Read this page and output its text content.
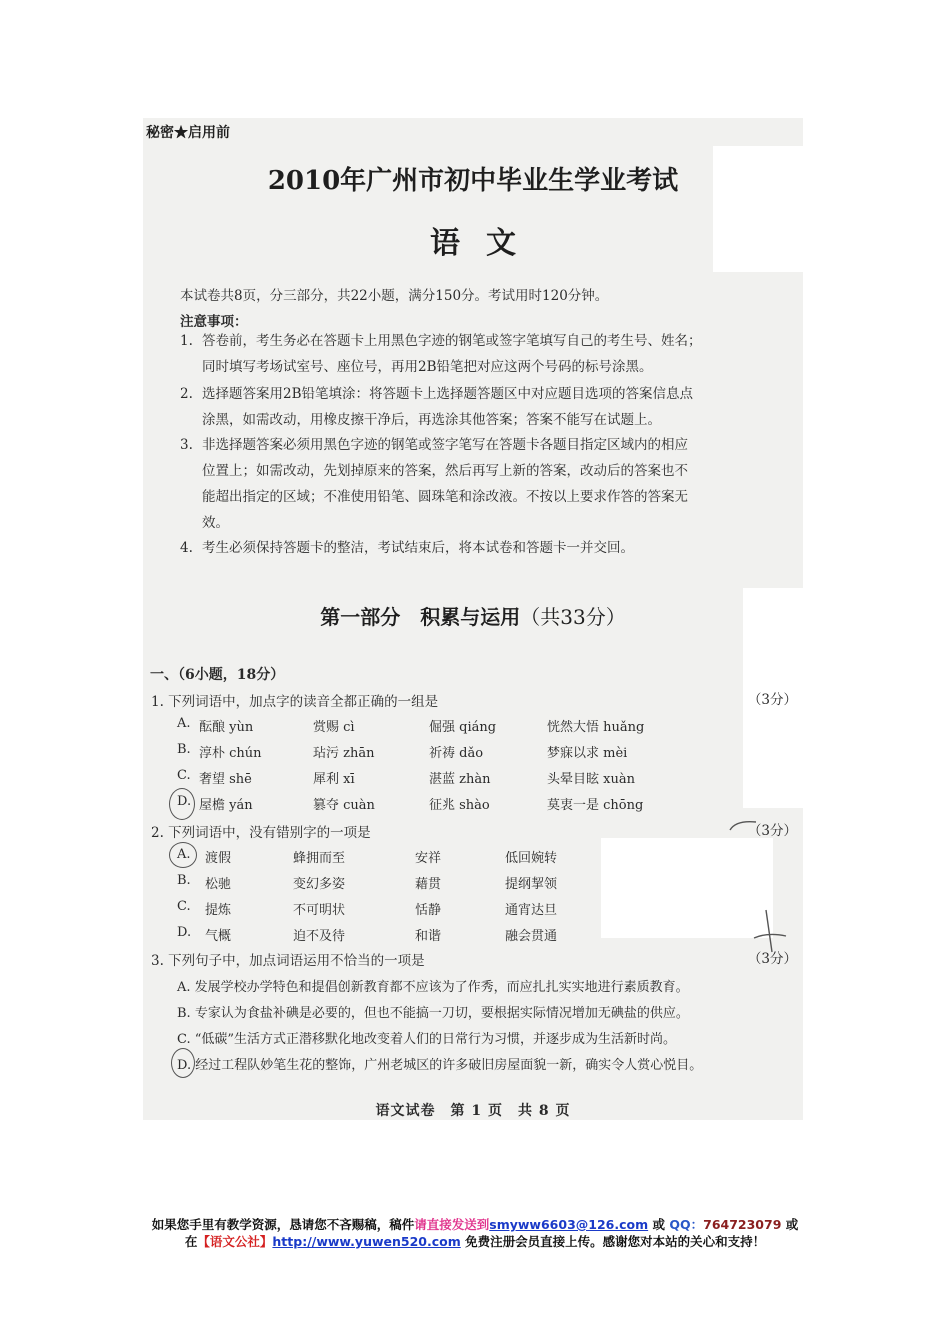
秘密★启用前
2010年广州市初中毕业生学业考试
语文
本试卷共8页，分三部分，共22小题，满分150分。考试用时120分钟。
注意事项：
1. 答卷前，考生务必在答题卡上用黑色字迹的钢笔或签字笔填写自己的考生号、姓名；
同时填写考场试室号、座位号，再用2B铅笔把对应这两个号码的标号涂黑。
2. 选择题答案用2B铅笔填涂：将答题卡上选择题答题区中对应题目选项的答案信息点
涂黑，如需改动，用橡皮擦干净后，再选涂其他答案；答案不能写在试题上。
3. 非选择题答案必须用黑色字迹的钢笔或签字笔写在答题卡各题目指定区域内的相应
位置上；如需改动，先划掉原来的答案，然后再写上新的答案，改动后的答案也不
能超出指定的区域；不准使用铅笔、圆珠笔和涂改液。不按以上要求作答的答案无
效。
4. 考生必须保持答题卡的整洁，考试结束后，将本试卷和答题卡一并交回。
第一部分　积累与运用（共33分）
一、（6小题，18分）
1. 下列词语中，加点字的读音全都正确的一组是	（3分）
A. 酝酿 yùn	赏赐 cì	倔强 qiáng	恍然大悟 huǎng
B. 淳朴 chún	玷污 zhān	祈祷 dǎo	梦寐以求 mèi
C. 奢望 shē	犀利 xī	湛蓝 zhàn	头晕目眩 xuàn
D. 屋檐 yán	篡夺 cuàn	征兆 shào	莫衷一是 chōng
2. 下列词语中，没有错别字的一项是	（3分）
A. 渡假	蜂拥而至	安祥	低回婉转
B. 松驰	变幻多姿	藉贯	提纲挈领
C. 提炼	不可明状	恬静	通宵达旦
D. 气概	迫不及待	和谐	融会贯通
3. 下列句子中，加点词语运用不恰当的一项是	（3分）
A. 发展学校办学特色和提倡创新教育都不应该为了作秀，而应扎扎实实地进行素质教育。
B. 专家认为食盐补碘是必要的，但也不能搞一刀切，要根据实际情况增加无碘盐的供应。
C. “低碳”生活方式正潜移默化地改变着人们的日常行为习惯，并逐步成为生活新时尚。
D. 经过工程队妙笔生花的整饰，广州老城区的许多破旧房屋面貌一新，确实令人赏心悦目。
语文试卷　第 1 页　共 8 页
如果您手里有教学资源，恳请您不吝赐稿，稿件请直接发送到smyww6603@126.com 或 QQ：764723079 或
在【语文公社】http://www.yuwen520.com 免费注册会员直接上传。感谢您对本站的关心和支持！
